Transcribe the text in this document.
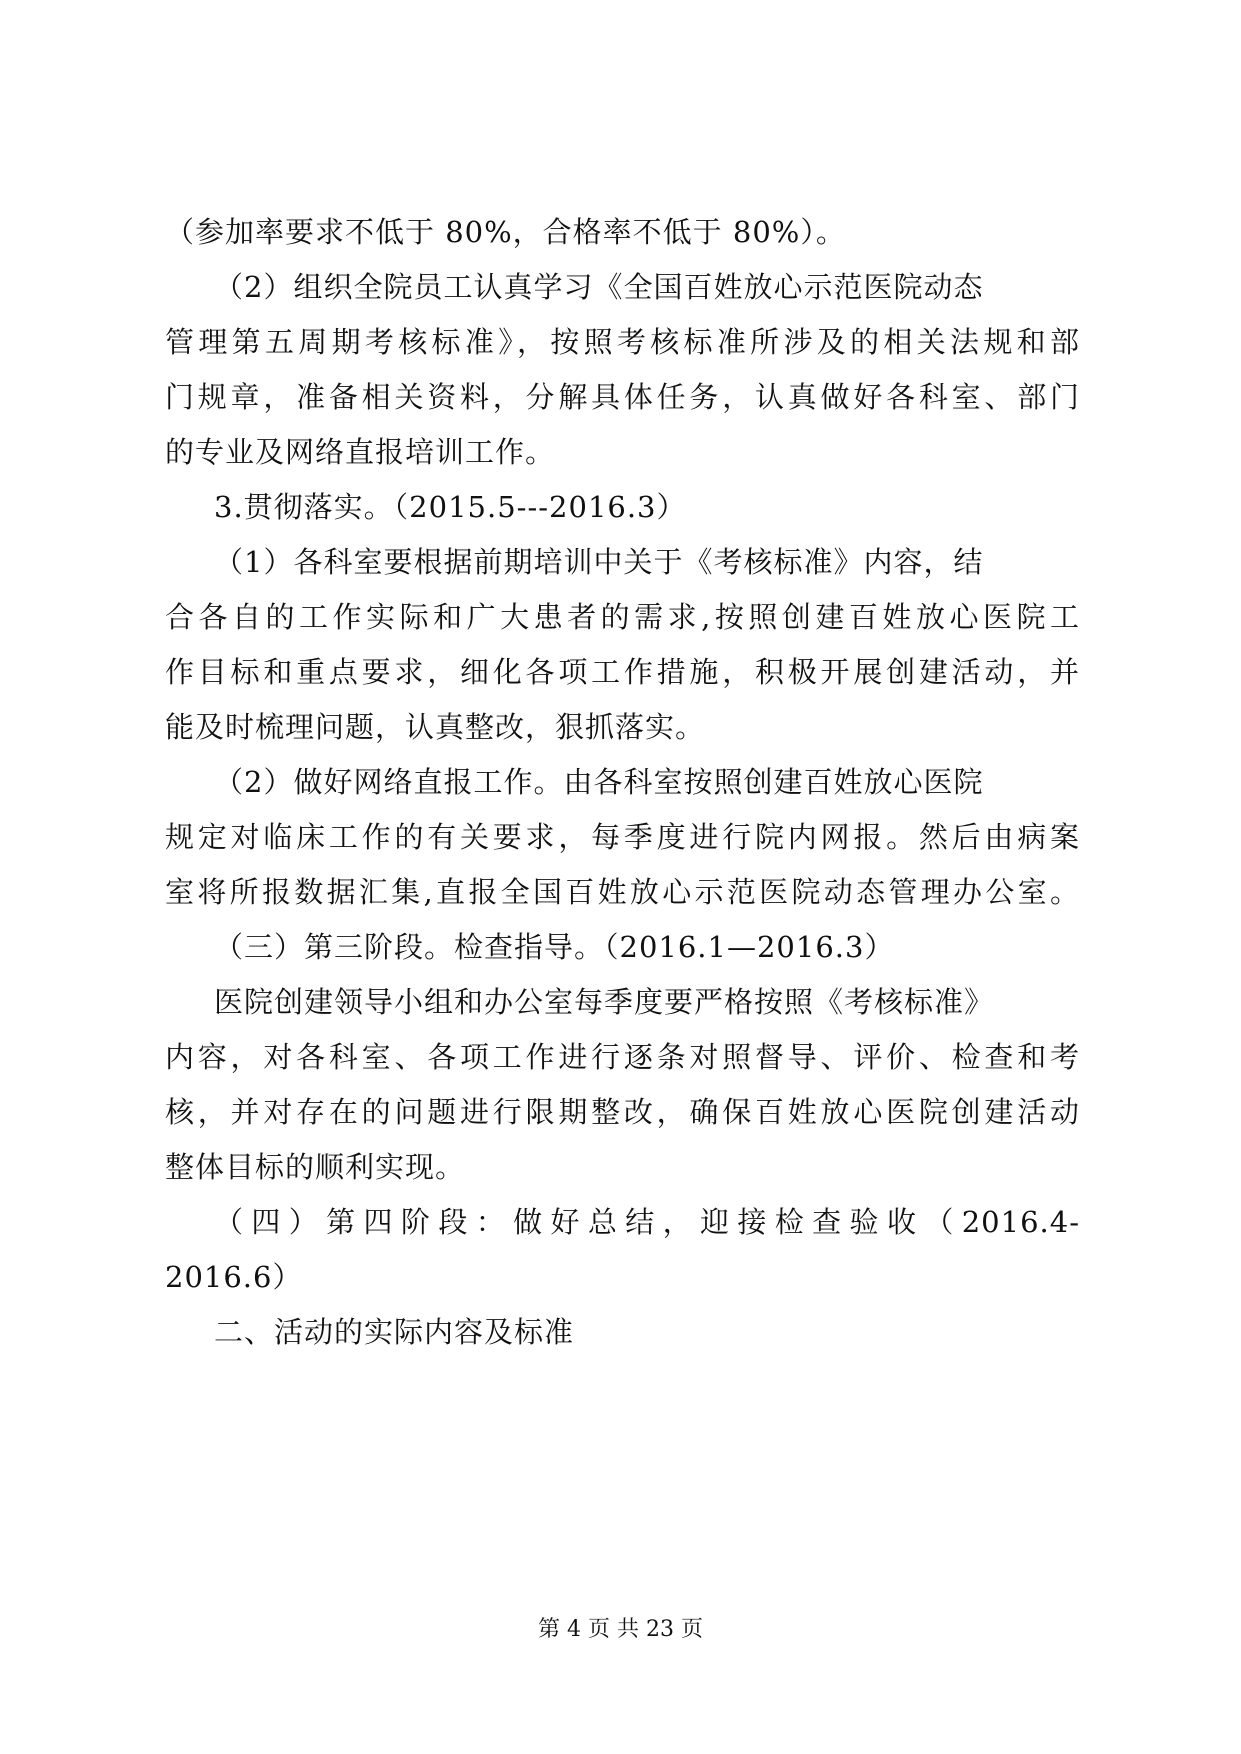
（参加率要求不低于 80%，合格率不低于 80%）。
（2）组织全院员工认真学习《全国百姓放心示范医院动态
管理第五周期考核标准》，按照考核标准所涉及的相关法规和部
门规章，准备相关资料，分解具体任务，认真做好各科室、部门
的专业及网络直报培训工作。
3.贯彻落实。（2015.5---2016.3）
（1）各科室要根据前期培训中关于《考核标准》内容，结
合各自的工作实际和广大患者的需求,按照创建百姓放心医院工
作目标和重点要求，细化各项工作措施，积极开展创建活动，并
能及时梳理问题，认真整改，狠抓落实。
（2）做好网络直报工作。由各科室按照创建百姓放心医院
规定对临床工作的有关要求，每季度进行院内网报。然后由病案
室将所报数据汇集,直报全国百姓放心示范医院动态管理办公室。
（三）第三阶段。检查指导。（2016.1—2016.3）
医院创建领导小组和办公室每季度要严格按照《考核标准》
内容，对各科室、各项工作进行逐条对照督导、评价、检查和考
核，并对存在的问题进行限期整改，确保百姓放心医院创建活动
整体目标的顺利实现。
（四）第四阶段：做好总结，迎接检查验收（2016.4-
2016.6）
二、活动的实际内容及标准
第 4 页 共 23 页
